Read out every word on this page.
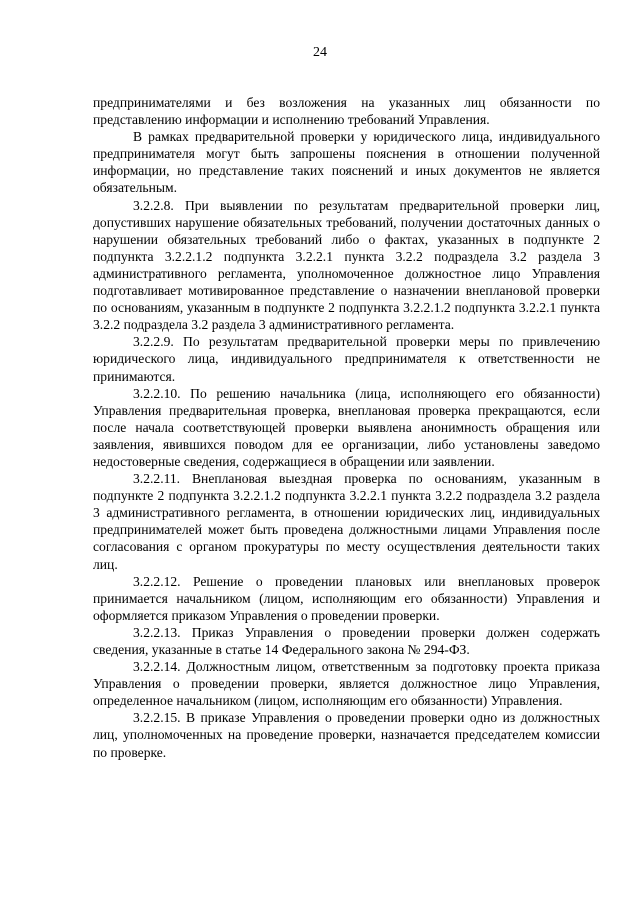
24

предпринимателями и без возложения на указанных лиц обязанности по представлению информации и исполнению требований Управления.

В рамках предварительной проверки у юридического лица, индивидуального предпринимателя могут быть запрошены пояснения в отношении полученной информации, но представление таких пояснений и иных документов не является обязательным.

3.2.2.8. При выявлении по результатам предварительной проверки лиц, допустивших нарушение обязательных требований, получении достаточных данных о нарушении обязательных требований либо о фактах, указанных в подпункте 2 подпункта 3.2.2.1.2 подпункта 3.2.2.1 пункта 3.2.2 подраздела 3.2 раздела 3 административного регламента, уполномоченное должностное лицо Управления подготавливает мотивированное представление о назначении внеплановой проверки по основаниям, указанным в подпункте 2 подпункта 3.2.2.1.2 подпункта 3.2.2.1 пункта 3.2.2 подраздела 3.2 раздела 3 административного регламента.

3.2.2.9. По результатам предварительной проверки меры по привлечению юридического лица, индивидуального предпринимателя к ответственности не принимаются.

3.2.2.10. По решению начальника (лица, исполняющего его обязанности) Управления предварительная проверка, внеплановая проверка прекращаются, если после начала соответствующей проверки выявлена анонимность обращения или заявления, явившихся поводом для ее организации, либо установлены заведомо недостоверные сведения, содержащиеся в обращении или заявлении.

3.2.2.11. Внеплановая выездная проверка по основаниям, указанным в подпункте 2 подпункта 3.2.2.1.2 подпункта 3.2.2.1 пункта 3.2.2 подраздела 3.2 раздела 3 административного регламента, в отношении юридических лиц, индивидуальных предпринимателей может быть проведена должностными лицами Управления после согласования с органом прокуратуры по месту осуществления деятельности таких лиц.

3.2.2.12. Решение о проведении плановых или внеплановых проверок принимается начальником (лицом, исполняющим его обязанности) Управления и оформляется приказом Управления о проведении проверки.

3.2.2.13. Приказ Управления о проведении проверки должен содержать сведения, указанные в статье 14 Федерального закона № 294-ФЗ.

3.2.2.14. Должностным лицом, ответственным за подготовку проекта приказа Управления о проведении проверки, является должностное лицо Управления, определенное начальником (лицом, исполняющим его обязанности) Управления.

3.2.2.15. В приказе Управления о проведении проверки одно из должностных лиц, уполномоченных на проведение проверки, назначается председателем комиссии по проверке.
